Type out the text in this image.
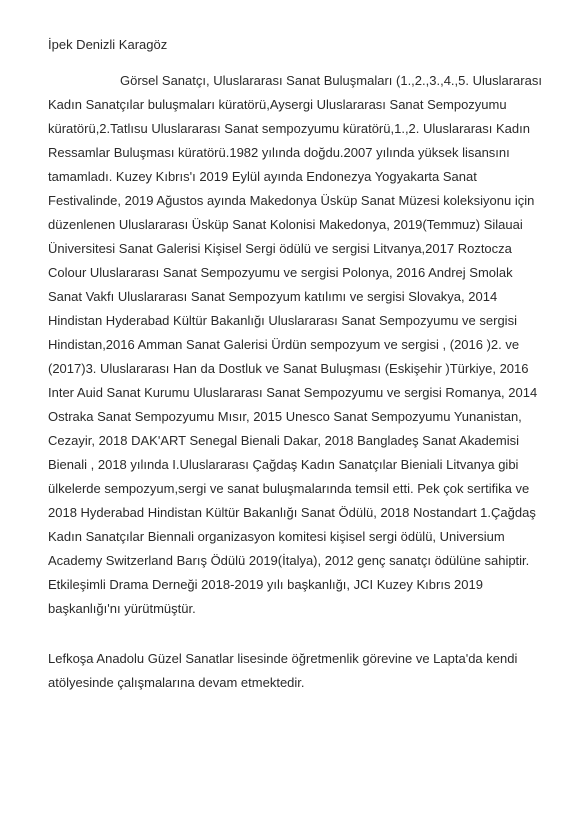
İpek Denizli Karagöz

Görsel Sanatçı, Uluslararası Sanat Buluşmaları (1.,2.,3.,4.,5. Uluslararası Kadın Sanatçılar buluşmaları küratörü,Aysergi Uluslararası Sanat Sempozyumu küratörü,2.Tatlısu Uluslararası Sanat sempozyumu küratörü,1.,2. Uluslararası Kadın Ressamlar Buluşması küratörü.1982 yılında doğdu.2007 yılında yüksek lisansını tamamladı. Kuzey Kıbrıs'ı 2019 Eylül ayında Endonezya Yogyakarta Sanat Festivalinde, 2019 Ağustos ayında Makedonya Üsküp Sanat Müzesi koleksiyonu için düzenlenen Uluslararası Üsküp Sanat Kolonisi Makedonya, 2019(Temmuz) Silauai Üniversitesi Sanat Galerisi Kişisel Sergi ödülü ve sergisi Litvanya,2017 Roztocza Colour Uluslararası Sanat Sempozyumu ve sergisi Polonya, 2016 Andrej Smolak Sanat Vakfı Uluslararası Sanat Sempozyum katılımı ve sergisi Slovakya, 2014 Hindistan Hyderabad Kültür Bakanlığı Uluslararası Sanat Sempozyumu ve sergisi Hindistan,2016 Amman Sanat Galerisi Ürdün sempozyum ve sergisi , (2016 )2. ve (2017)3. Uluslararası Han da Dostluk ve Sanat Buluşması (Eskişehir )Türkiye, 2016 Inter Auid Sanat Kurumu Uluslararası Sanat Sempozyumu ve sergisi Romanya, 2014 Ostraka Sanat Sempozyumu Mısır, 2015 Unesco Sanat Sempozyumu Yunanistan, Cezayir, 2018 DAK'ART Senegal Bienali Dakar, 2018 Bangladeş Sanat Akademisi Bienali , 2018 yılında I.Uluslararası Çağdaş Kadın Sanatçılar Bieniali Litvanya gibi ülkelerde sempozyum,sergi ve sanat buluşmalarında temsil etti. Pek çok sertifika ve 2018 Hyderabad Hindistan Kültür Bakanlığı Sanat Ödülü, 2018 Nostandart 1.Çağdaş Kadın Sanatçılar Biennali organizasyon komitesi kişisel sergi ödülü, Universium Academy Switzerland Barış Ödülü 2019(İtalya), 2012 genç sanatçı ödülüne sahiptir. Etkileşimli Drama Derneği 2018-2019 yılı başkanlığı, JCI Kuzey Kıbrıs 2019 başkanlığı'nı yürütmüştür.

Lefkoşa Anadolu Güzel Sanatlar lisesinde öğretmenlik görevine ve Lapta'da kendi atölyesinde çalışmalarına devam etmektedir.
